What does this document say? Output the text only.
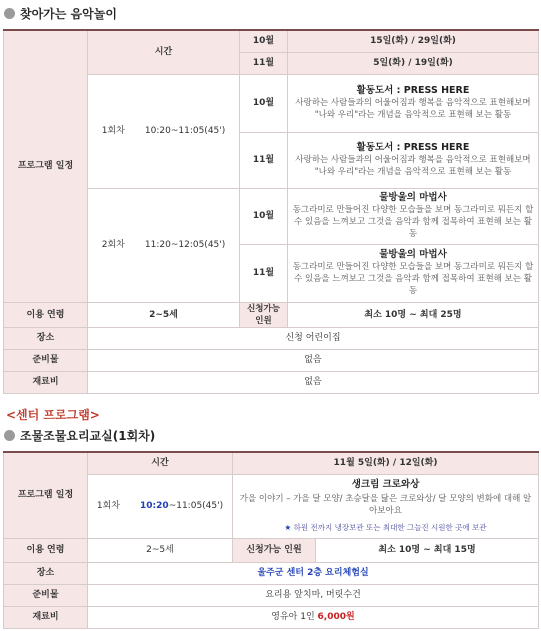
찾아가는 음악놀이
프로그램 일정	시간	10월	15일(화) / 29일(화)
		11월	5일(화) / 19일(화)
	1회차 10:20~11:05(45')	10월	활동도서 : PRESS HERE
사랑하는 사람들과의 어울어짐과 행복을 음악적으로 표현해보며 "나와 우리"라는 개념을 음악적으로 표현해 보는 활동

		11월	활동도서 : PRESS HERE
사랑하는 사람들과의 어울어짐과 행복을 음악적으로 표현해보며 "나와 우리"라는 개념을 음악적으로 표현해 보는 활동

	2회차 11:20~12:05(45')	10월	물방울의 마법사
동그라미로 만들어진 다양한 모습들을 보며 동그라미로 뭐든지 할 수 있음을 느껴보고 그것을 음악과 함께 접목하여 표현해 보는 활동

		11월	물방울의 마법사
동그라미로 만들어진 다양한 모습들을 보며 동그라미로 뭐든지 할 수 있음을 느껴보고 그것을 음악과 함께 접목하여 표현해 보는 활동

이용 연령	2~5세	신청가능 인원	최소 10명 ~ 최대 25명
장소	신청 어린이집		
준비물	없음		
재료비	없음		
<센터 프로그램>
조물조물요리교실(1회차)
프로그램 일정	시간	11월 5일(화) / 12일(화)	
	1회차 10:20~11:05(45')	생크림 크로와상
가을 이야기 – 가을 달 모양/ 초승달을 닮은 크로와상/ 달 모양의 변화에 대해 알아보아요
★ 하원 전까지 냉장보관 또는 최대한 그늘진 시원한 곳에 보관	

이용 연령	2~5세	신청가능 인원	최소 10명 ~ 최대 15명
장소	울주군 센터 2층 요리체험실		
준비물	요리용 앞치마, 머릿수건		
재료비	영유아 1인 6,000원		
